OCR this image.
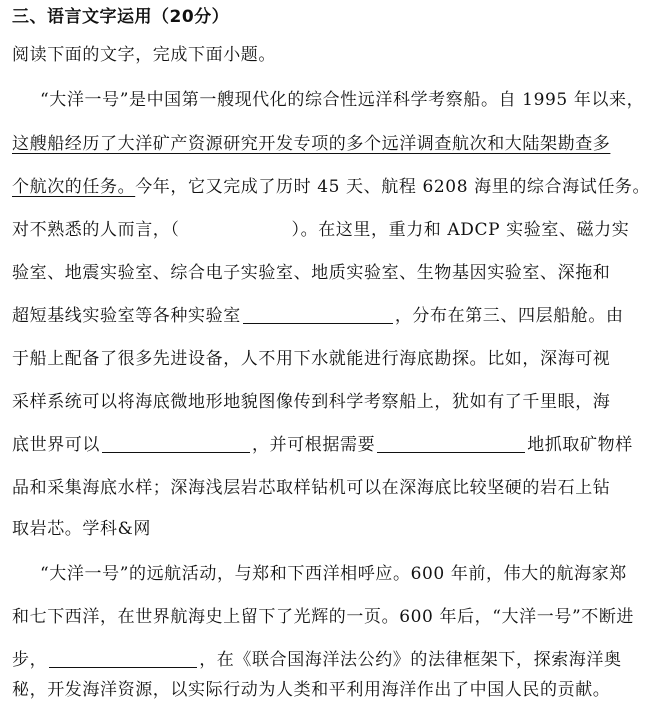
三、语言文字运用（20分）
阅读下面的文字，完成下面小题。
“大洋一号”是中国第一艘现代化的综合性远洋科学考察船。自 1995 年以来，
这艘船经历了大洋矿产资源研究开发专项的多个远洋调查航次和大陆架勘查多
个航次的任务。今年，它又完成了历时 45 天、航程 6208 海里的综合海试任务。
对不熟悉的人而言，（	）。在这里，重力和 ADCP 实验室、磁力实
验室、地震实验室、综合电子实验室、地质实验室、生物基因实验室、深拖和
超短基线实验室等各种实验室	，分布在第三、四层船舱。由
于船上配备了很多先进设备，人不用下水就能进行海底勘探。比如，深海可视
采样系统可以将海底微地形地貌图像传到科学考察船上，犹如有了千里眼，海
底世界可以	，并可根据需要	地抓取矿物样
品和采集海底水样；深海浅层岩芯取样钻机可以在深海底比较坚硬的岩石上钻
取岩芯。学科&网
“大洋一号”的远航活动，与郑和下西洋相呼应。600 年前，伟大的航海家郑
和七下西洋，在世界航海史上留下了光辉的一页。600 年后，“大洋一号”不断进
步，	，在《联合国海洋法公约》的法律框架下，探索海洋奥
秘，开发海洋资源，以实际行动为人类和平利用海洋作出了中国人民的贡献。
